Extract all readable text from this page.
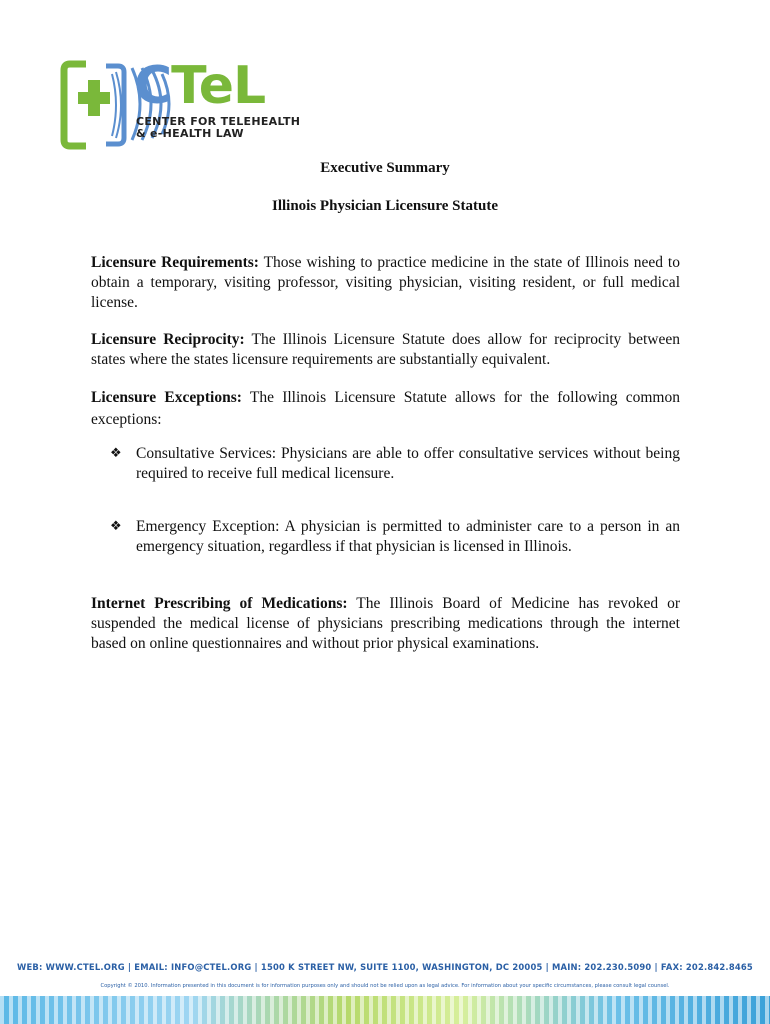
CTeL
CENTER FOR TELEHEALTH
& e-HEALTH LAW
Executive Summary
Illinois Physician Licensure Statute

Licensure Requirements: Those wishing to practice medicine in the state of Illinois need to obtain a temporary, visiting professor, visiting physician, visiting resident, or full medical license.

Licensure Reciprocity: The Illinois Licensure Statute does allow for reciprocity between states where the states licensure requirements are substantially equivalent.

Licensure Exceptions: The Illinois Licensure Statute allows for the following common exceptions:

❖ Consultative Services: Physicians are able to offer consultative services without being required to receive full medical licensure.
❖ Emergency Exception: A physician is permitted to administer care to a person in an emergency situation, regardless if that physician is licensed in Illinois.

Internet Prescribing of Medications: The Illinois Board of Medicine has revoked or suspended the medical license of physicians prescribing medications through the internet based on online questionnaires and without prior physical examinations.

WEB: WWW.CTEL.ORG | EMAIL: INFO@CTEL.ORG | 1500 K STREET NW, SUITE 1100, WASHINGTON, DC 20005 | MAIN: 202.230.5090 | FAX: 202.842.8465
Copyright © 2010. Information presented in this document is for information purposes only and should not be relied upon as legal advice. For information about your specific circumstances, please consult legal counsel.
